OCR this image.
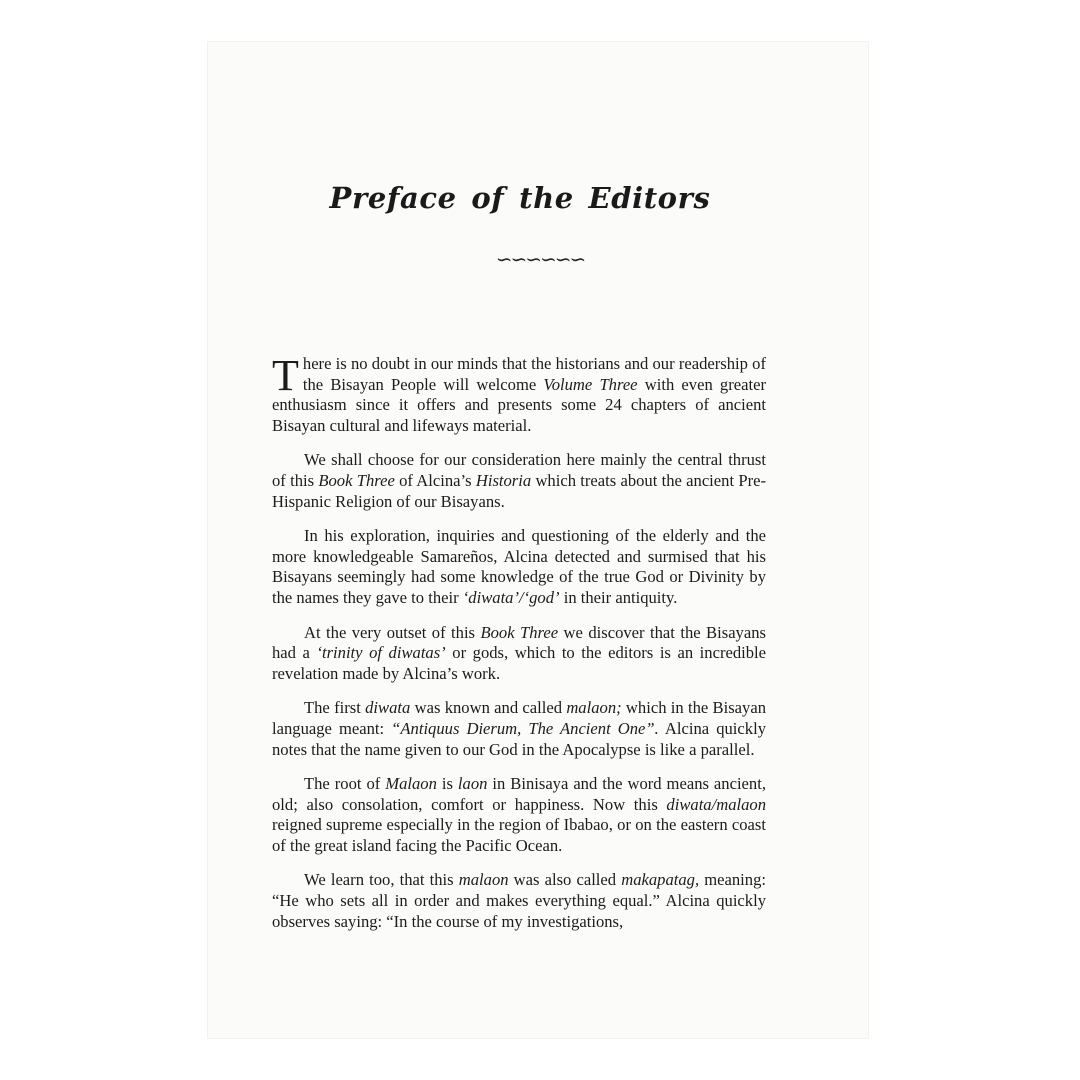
Preface of the Editors
∽∽∽∽∽∽

There is no doubt in our minds that the historians and our readership of the Bisayan People will welcome Volume Three with even greater enthusiasm since it offers and presents some 24 chapters of ancient Bisayan cultural and lifeways material.

We shall choose for our consideration here mainly the central thrust of this Book Three of Alcina’s Historia which treats about the ancient Pre-Hispanic Religion of our Bisayans.

In his exploration, inquiries and questioning of the elderly and the more knowledgeable Samareños, Alcina detected and surmised that his Bisayans seemingly had some knowledge of the true God or Divinity by the names they gave to their ‘diwata’/‘god’ in their antiquity.

At the very outset of this Book Three we discover that the Bisayans had a ‘trinity of diwatas’ or gods, which to the editors is an incredible revelation made by Alcina’s work.

The first diwata was known and called malaon; which in the Bisayan language meant: “Antiquus Dierum, The Ancient One”. Alcina quickly notes that the name given to our God in the Apocalypse is like a parallel.

The root of Malaon is laon in Binisaya and the word means ancient, old; also consolation, comfort or happiness. Now this diwata/malaon reigned supreme especially in the region of Ibabao, or on the eastern coast of the great island facing the Pacific Ocean.

We learn too, that this malaon was also called makapatag, meaning: “He who sets all in order and makes everything equal.” Alcina quickly observes saying: “In the course of my investigations,
